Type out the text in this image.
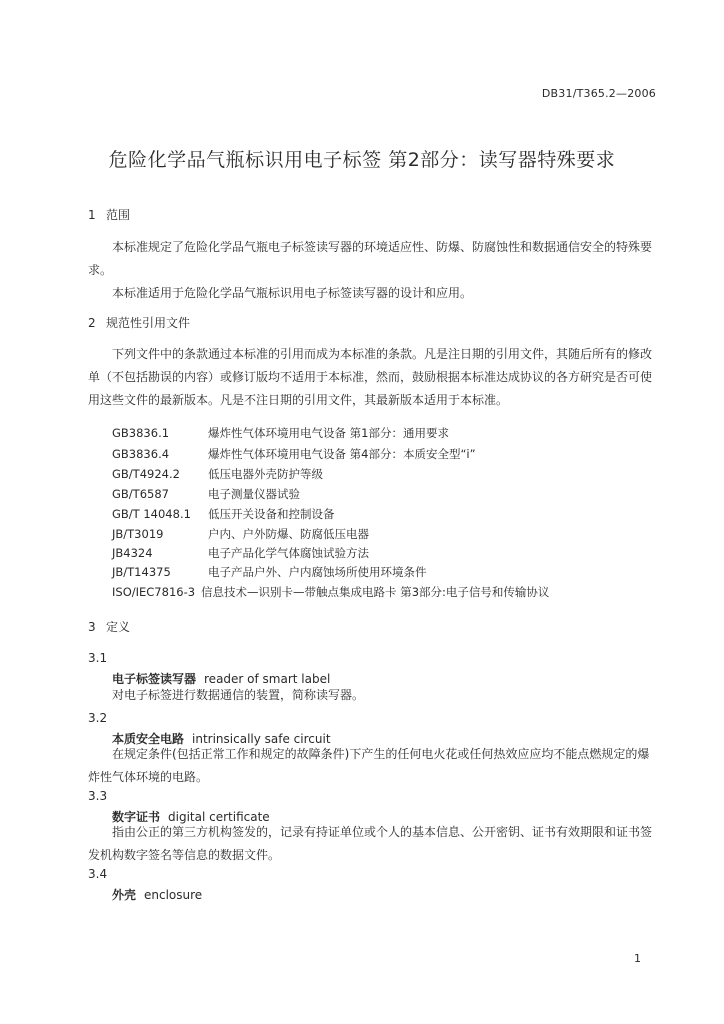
DB31/T365.2—2006
危险化学品气瓶标识用电子标签 第2部分：读写器特殊要求
1 范围

本标准规定了危险化学品气瓶电子标签读写器的环境适应性、防爆、防腐蚀性和数据通信安全的特殊要求。

本标准适用于危险化学品气瓶标识用电子标签读写器的设计和应用。

2 规范性引用文件

下列文件中的条款通过本标准的引用而成为本标准的条款。凡是注日期的引用文件，其随后所有的修改单（不包括勘误的内容）或修订版均不适用于本标准，然而，鼓励根据本标准达成协议的各方研究是否可使用这些文件的最新版本。凡是不注日期的引用文件，其最新版本适用于本标准。

GB3836.1	爆炸性气体环境用电气设备 第1部分：通用要求
GB3836.4	爆炸性气体环境用电气设备 第4部分：本质安全型“i”
GB/T4924.2 低压电器外壳防护等级
GB/T6587	电子测量仪器试验
GB/T 14048.1 低压开关设备和控制设备
JB/T3019	户内、户外防爆、防腐低压电器
JB4324	电子产品化学气体腐蚀试验方法
JB/T14375	电子产品户外、户内腐蚀场所使用环境条件
ISO/IEC7816-3 信息技术—识别卡—带触点集成电路卡 第3部分:电子信号和传输协议
3 定义
3.1
电子标签读写器 reader of smart label

对电子标签进行数据通信的装置，简称读写器。

3.2
本质安全电路 intrinsically safe circuit

在规定条件(包括正常工作和规定的故障条件)下产生的任何电火花或任何热效应应均不能点燃规定的爆炸性气体环境的电路。

3.3
数字证书 digital certificate

指由公正的第三方机构签发的，记录有持证单位或个人的基本信息、公开密钥、证书有效期限和证书签发机构数字签名等信息的数据文件。

3.4
外壳 enclosure
1
